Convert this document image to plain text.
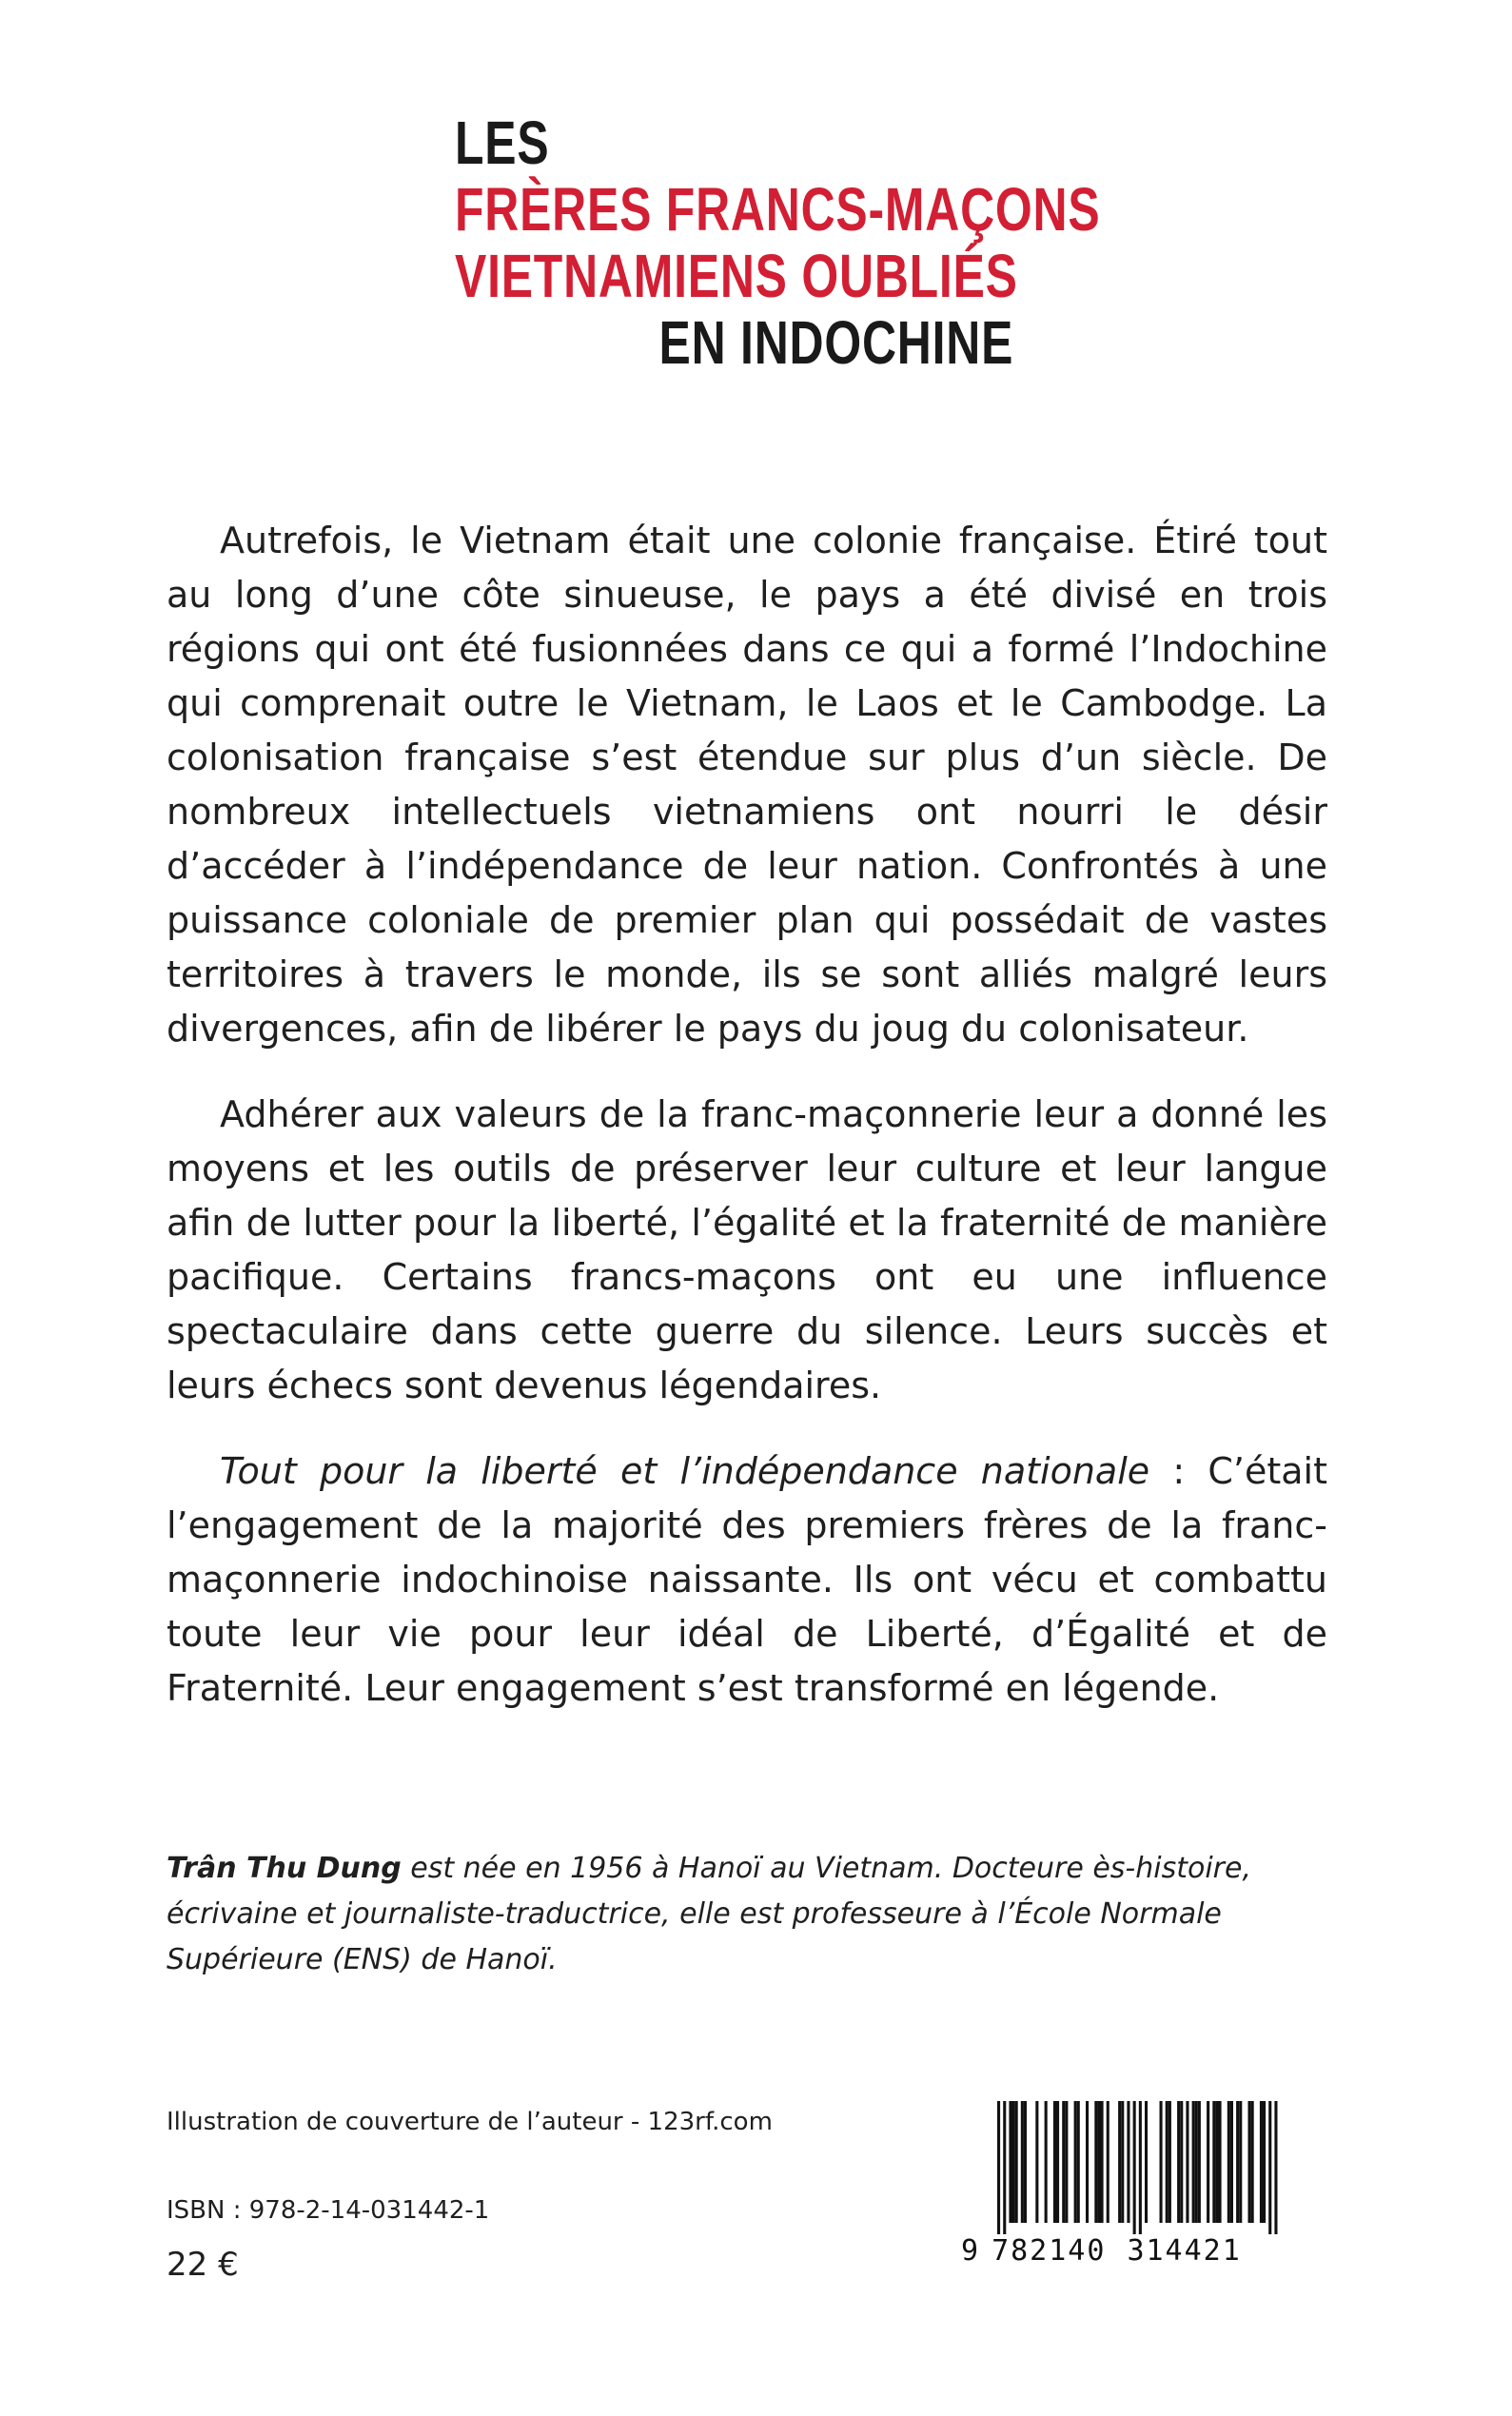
LES
FRÈRES FRANCS-MAÇONS
VIETNAMIENS OUBLIÉS
EN INDOCHINE

Autrefois, le Vietnam était une colonie française. Étiré tout au long d’une côte sinueuse, le pays a été divisé en trois régions qui ont été fusionnées dans ce qui a formé l’Indochine qui comprenait outre le Vietnam, le Laos et le Cambodge. La colonisation française s’est étendue sur plus d’un siècle. De nombreux intellectuels vietnamiens ont nourri le désir d’accéder à l’indépendance de leur nation. Confrontés à une puissance coloniale de premier plan qui possédait de vastes territoires à travers le monde, ils se sont alliés malgré leurs divergences, afin de libérer le pays du joug du colonisateur.

Adhérer aux valeurs de la franc-maçonnerie leur a donné les moyens et les outils de préserver leur culture et leur langue afin de lutter pour la liberté, l’égalité et la fraternité de manière pacifique. Certains francs-maçons ont eu une influence spectaculaire dans cette guerre du silence. Leurs succès et leurs échecs sont devenus légendaires.

Tout pour la liberté et l’indépendance nationale : C’était l’engagement de la majorité des premiers frères de la franc-maçonnerie indochinoise naissante. Ils ont vécu et combattu toute leur vie pour leur idéal de Liberté, d’Égalité et de Fraternité. Leur engagement s’est transformé en légende.

Trân Thu Dung est née en 1956 à Hanoï au Vietnam. Docteure ès-histoire, écrivaine et journaliste-traductrice, elle est professeure à l’École Normale Supérieure (ENS) de Hanoï.
Illustration de couverture de l’auteur - 123rf.com
ISBN : 978-2-14-031442-1
22 €	9 782140 314421
